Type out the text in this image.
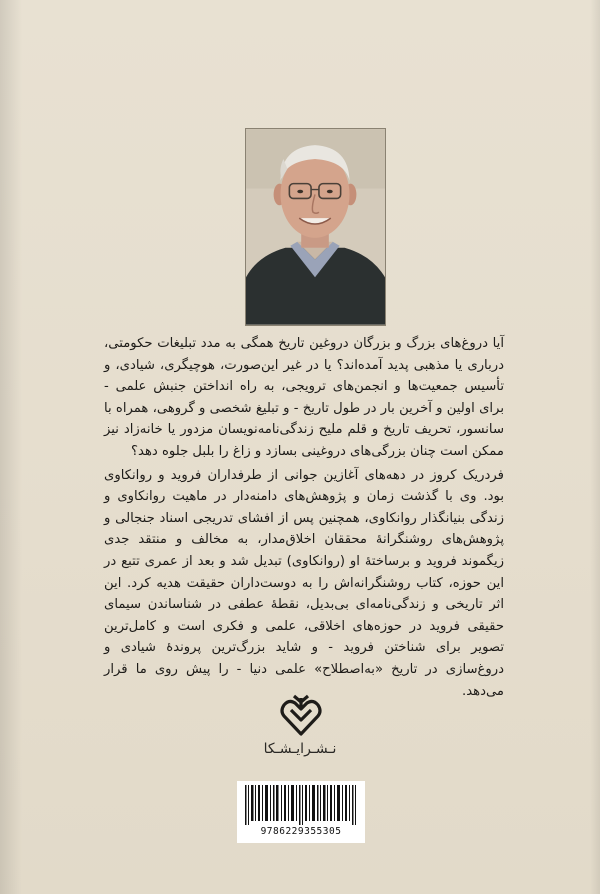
آیا دروغ‌های بزرگ و بزرگان دروغین تاریخ همگی به مدد تبلیغات حکومتی، درباری یا مذهبی پدید آمده‌اند؟ یا در غیر این‌صورت، هوچیگری، شیادی، و تأسیس جمعیت‌ها و انجمن‌های ترویجی، به راه انداختن جنبش علمی - برای اولین و آخرین بار در طول تاریخ - و تبلیغ شخصی و گروهی، همراه با سانسور، تحریف تاریخ و قلم ملیح زندگی‌نامه‌نویسان مزدور یا خانه‌زاد نیز ممکن است چنان بزرگی‌های دروغینی بسازد و زاغ را بلبل جلوه دهد؟

فردریک کروز در دهه‌های آغازین جوانی از طرفداران فروید و روانکاوی بود. وی با گذشت زمان و پژوهش‌های دامنه‌دار در ماهیت روانکاوی و زندگی بنیانگذار روانکاوی، همچنین پس از افشای تدریجی اسناد جنجالی و پژوهش‌های روشنگرانهٔ محققان اخلاق‌مدار، به مخالف و منتقد جدی زیگموند فروید و برساختهٔ او (روانکاوی) تبدیل شد و بعد از عمری تتبع در این حوزه، کتاب روشنگرانه‌اش را به دوست‌داران حقیقت هدیه کرد. این اثر تاریخی و زندگی‌نامه‌ای بی‌بدیل، نقطهٔ عطفی در شناساندن سیمای حقیقی فروید در حوزه‌های اخلاقی، علمی و فکری است و کامل‌ترین تصویر برای شناختن فروید - و شاید بزرگ‌ترین پروندهٔ شیادی و دروغ‌سازی در تاریخ «به‌اصطلاح» علمی دنیا - را پیش روی ما قرار می‌دهد.

نـشـرایـشـکا
9786229355305
